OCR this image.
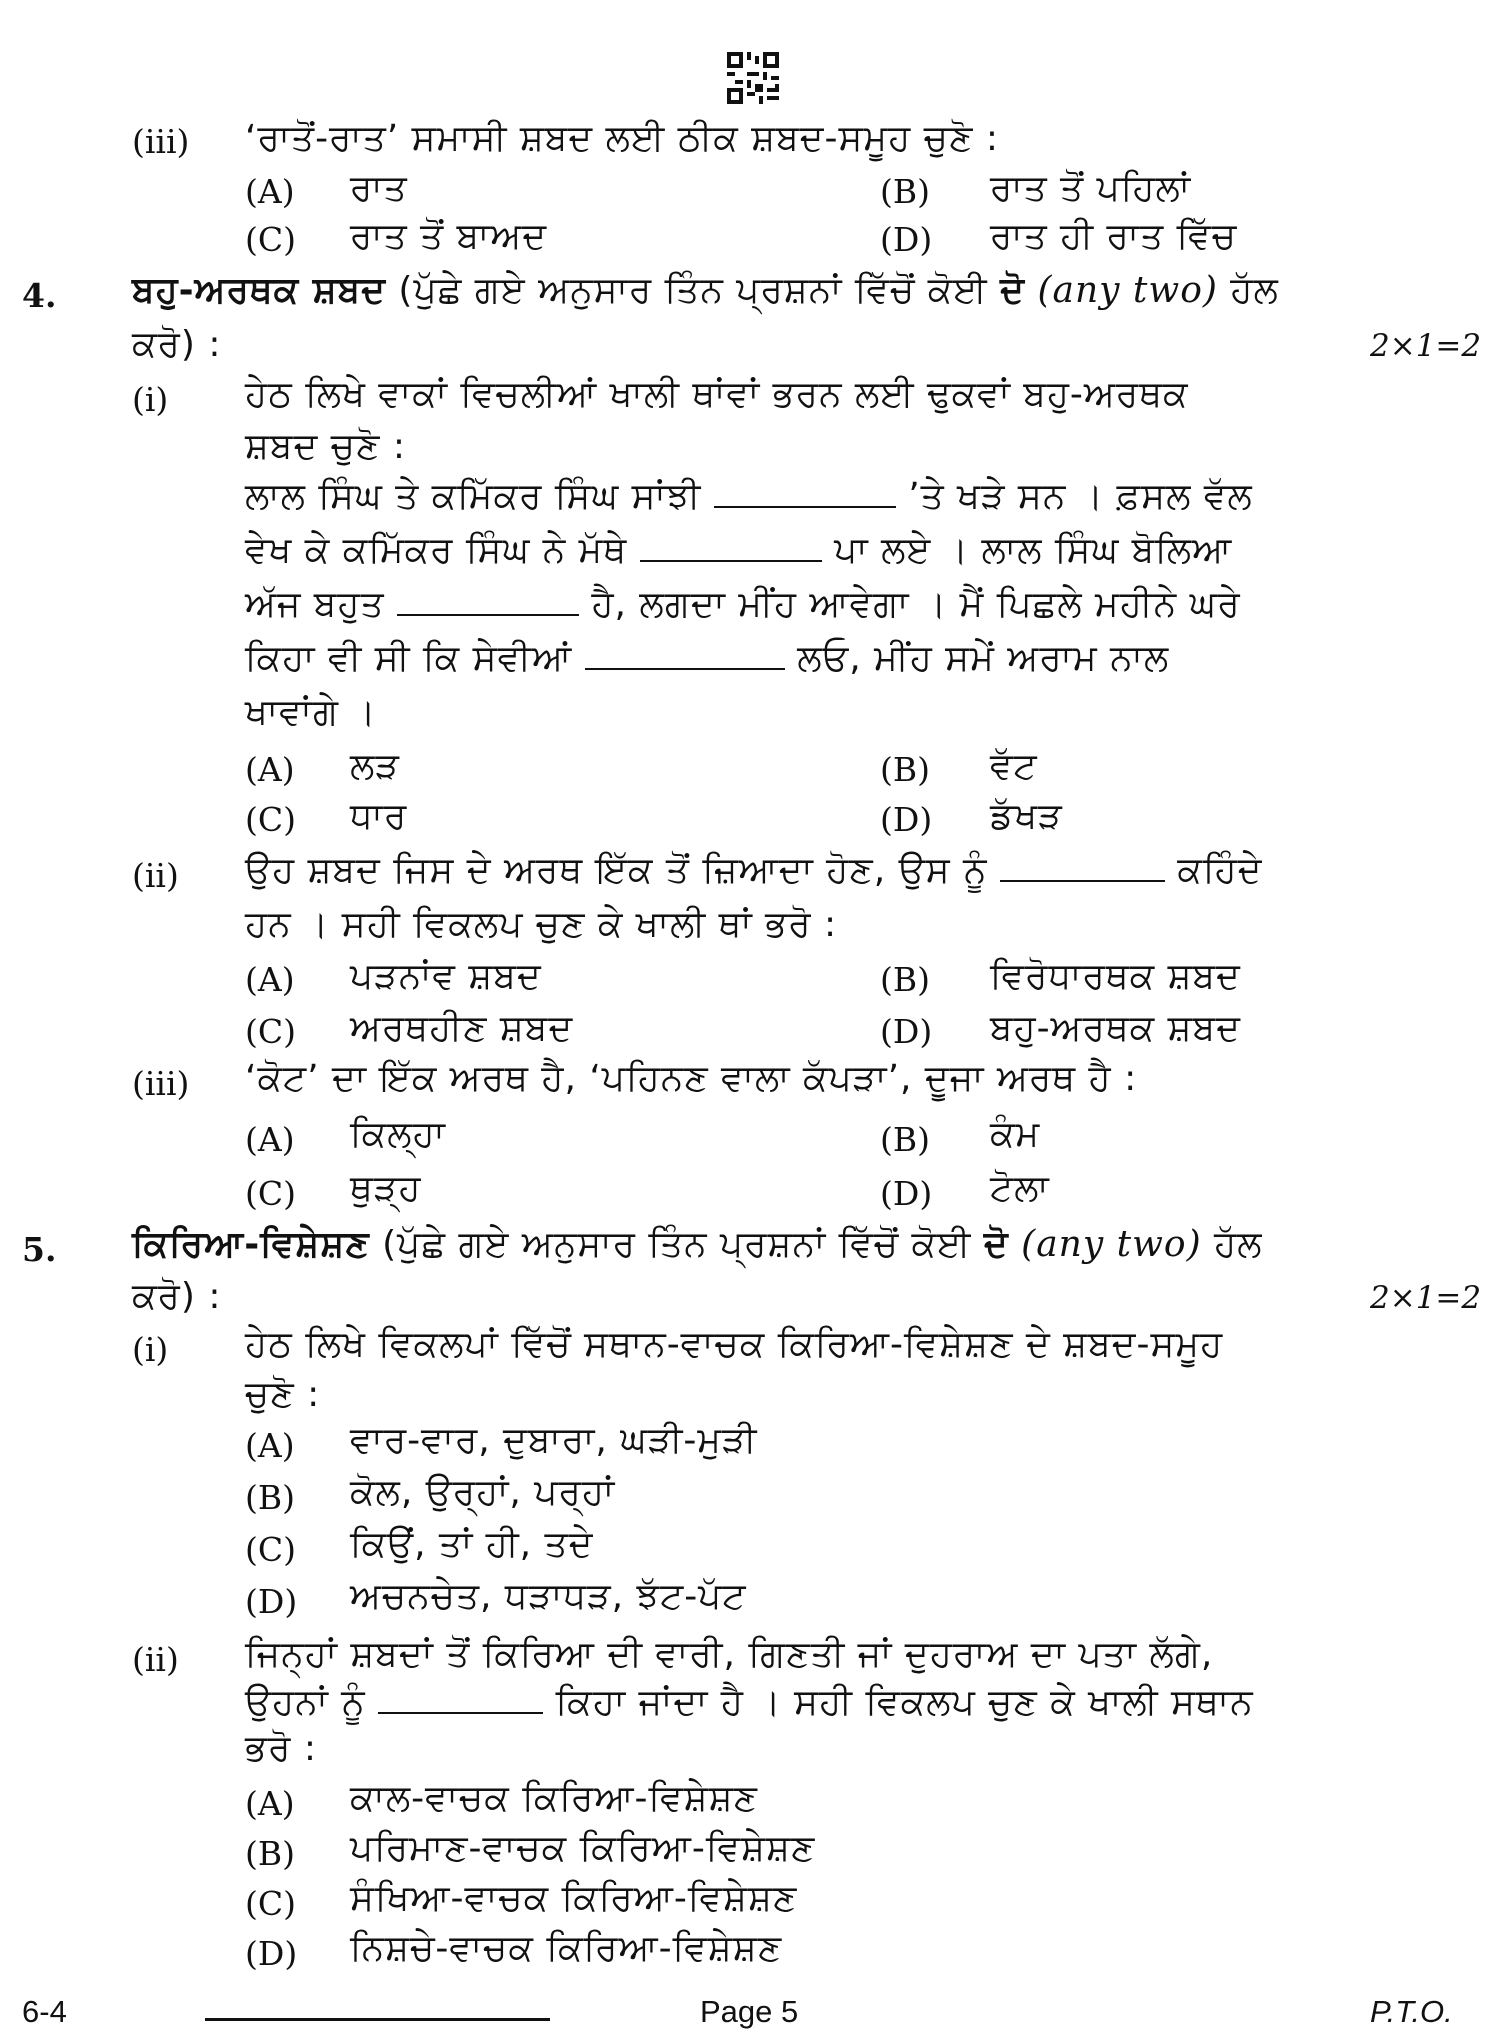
(iii) ‘ਰਾਤੋਂ-ਰਾਤ’ ਸਮਾਸੀ ਸ਼ਬਦ ਲਈ ਠੀਕ ਸ਼ਬਦ-ਸਮੂਹ ਚੁਣੋ :
(A) ਰਾਤ	(B) ਰਾਤ ਤੋਂ ਪਹਿਲਾਂ
(C) ਰਾਤ ਤੋਂ ਬਾਅਦ	(D) ਰਾਤ ਹੀ ਰਾਤ ਵਿੱਚ
4. ਬਹੁ-ਅਰਥਕ ਸ਼ਬਦ (ਪੁੱਛੇ ਗਏ ਅਨੁਸਾਰ ਤਿੰਨ ਪ੍ਰਸ਼ਨਾਂ ਵਿੱਚੋਂ ਕੋਈ ਦੋ (any two) ਹੱਲ
ਕਰੋ) :	2×1=2
(i) ਹੇਠ ਲਿਖੇ ਵਾਕਾਂ ਵਿਚਲੀਆਂ ਖਾਲੀ ਥਾਂਵਾਂ ਭਰਨ ਲਈ ਢੁਕਵਾਂ ਬਹੁ-ਅਰਥਕ
ਸ਼ਬਦ ਚੁਣੋ :
ਲਾਲ ਸਿੰਘ ਤੇ ਕਮਿੱਕਰ ਸਿੰਘ ਸਾਂਝੀ	’ਤੇ ਖੜੇ ਸਨ । ਫ਼ਸਲ ਵੱਲ
ਵੇਖ ਕੇ ਕਮਿੱਕਰ ਸਿੰਘ ਨੇ ਮੱਥੇ	ਪਾ ਲਏ । ਲਾਲ ਸਿੰਘ ਬੋਲਿਆ
ਅੱਜ ਬਹੁਤ	ਹੈ, ਲਗਦਾ ਮੀਂਹ ਆਵੇਗਾ । ਮੈਂ ਪਿਛਲੇ ਮਹੀਨੇ ਘਰੇ
ਕਿਹਾ ਵੀ ਸੀ ਕਿ ਸੇਵੀਆਂ	ਲਓ, ਮੀਂਹ ਸਮੇਂ ਅਰਾਮ ਨਾਲ
ਖਾਵਾਂਗੇ ।
(A) ਲੜ	(B) ਵੱਟ
(C) ਧਾਰ	(D) ਡੱਖੜ
(ii) ਉਹ ਸ਼ਬਦ ਜਿਸ ਦੇ ਅਰਥ ਇੱਕ ਤੋਂ ਜ਼ਿਆਦਾ ਹੋਣ, ਉਸ ਨੂੰ	ਕਹਿੰਦੇ
ਹਨ । ਸਹੀ ਵਿਕਲਪ ਚੁਣ ਕੇ ਖਾਲੀ ਥਾਂ ਭਰੋ :
(A) ਪੜਨਾਂਵ ਸ਼ਬਦ	(B) ਵਿਰੋਧਾਰਥਕ ਸ਼ਬਦ
(C) ਅਰਥਹੀਣ ਸ਼ਬਦ	(D) ਬਹੁ-ਅਰਥਕ ਸ਼ਬਦ
(iii) ‘ਕੋਟ’ ਦਾ ਇੱਕ ਅਰਥ ਹੈ, ‘ਪਹਿਨਣ ਵਾਲਾ ਕੱਪੜਾ’, ਦੂਜਾ ਅਰਥ ਹੈ :
(A) ਕਿਲ੍ਹਾ	(B) ਕੰਮ
(C) ਥੁੜ੍ਹ	(D) ਟੋਲਾ
5. ਕਿਰਿਆ-ਵਿਸ਼ੇਸ਼ਣ (ਪੁੱਛੇ ਗਏ ਅਨੁਸਾਰ ਤਿੰਨ ਪ੍ਰਸ਼ਨਾਂ ਵਿੱਚੋਂ ਕੋਈ ਦੋ (any two) ਹੱਲ
ਕਰੋ) :	2×1=2
(i) ਹੇਠ ਲਿਖੇ ਵਿਕਲਪਾਂ ਵਿੱਚੋਂ ਸਥਾਨ-ਵਾਚਕ ਕਿਰਿਆ-ਵਿਸ਼ੇਸ਼ਣ ਦੇ ਸ਼ਬਦ-ਸਮੂਹ
ਚੁਣੋ :
(A) ਵਾਰ-ਵਾਰ, ਦੁਬਾਰਾ, ਘੜੀ-ਮੁੜੀ
(B) ਕੋਲ, ਉਰ੍ਹਾਂ, ਪਰ੍ਹਾਂ
(C) ਕਿਉਂ, ਤਾਂ ਹੀ, ਤਦੇ
(D) ਅਚਨਚੇਤ, ਧੜਾਧੜ, ਝੱਟ-ਪੱਟ
(ii) ਜਿਨ੍ਹਾਂ ਸ਼ਬਦਾਂ ਤੋਂ ਕਿਰਿਆ ਦੀ ਵਾਰੀ, ਗਿਣਤੀ ਜਾਂ ਦੁਹਰਾਅ ਦਾ ਪਤਾ ਲੱਗੇ,
ਉਹਨਾਂ ਨੂੰ	ਕਿਹਾ ਜਾਂਦਾ ਹੈ । ਸਹੀ ਵਿਕਲਪ ਚੁਣ ਕੇ ਖਾਲੀ ਸਥਾਨ
ਭਰੋ :
(A) ਕਾਲ-ਵਾਚਕ ਕਿਰਿਆ-ਵਿਸ਼ੇਸ਼ਣ
(B) ਪਰਿਮਾਣ-ਵਾਚਕ ਕਿਰਿਆ-ਵਿਸ਼ੇਸ਼ਣ
(C) ਸੰਖਿਆ-ਵਾਚਕ ਕਿਰਿਆ-ਵਿਸ਼ੇਸ਼ਣ
(D) ਨਿਸ਼ਚੇ-ਵਾਚਕ ਕਿਰਿਆ-ਵਿਸ਼ੇਸ਼ਣ
6-4	Page 5	P.T.O.
